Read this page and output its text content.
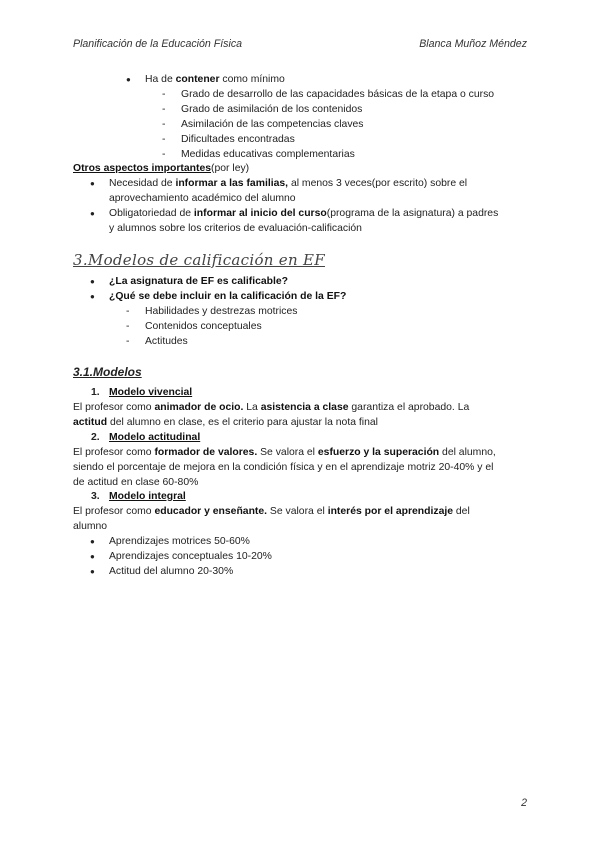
Planificación de la Educación Física	Blanca Muñoz Méndez
● Ha de contener como mínimo
- Grado de desarrollo de las capacidades básicas de la etapa o curso
- Grado de asimilación de los contenidos
- Asimilación de las competencias claves
- Dificultades encontradas
- Medidas educativas complementarias
Otros aspectos importantes(por ley)
● Necesidad de informar a las familias, al menos 3 veces(por escrito) sobre el
aprovechamiento académico del alumno
● Obligatoriedad de informar al inicio del curso(programa de la asignatura) a padres
y alumnos sobre los criterios de evaluación-calificación
3.Modelos de calificación en EF
● ¿La asignatura de EF es calificable?
● ¿Qué se debe incluir en la calificación de la EF?
- Habilidades y destrezas motrices
- Contenidos conceptuales
- Actitudes
3.1.Modelos
1. Modelo vivencial
El profesor como animador de ocio. La asistencia a clase garantiza el aprobado. La
actitud del alumno en clase, es el criterio para ajustar la nota final
2. Modelo actitudinal
El profesor como formador de valores. Se valora el esfuerzo y la superación del alumno,
siendo el porcentaje de mejora en la condición física y en el aprendizaje motriz 20-40% y el
de actitud en clase 60-80%
3. Modelo integral
El profesor como educador y enseñante. Se valora el interés por el aprendizaje del
alumno
● Aprendizajes motrices 50-60%
● Aprendizajes conceptuales 10-20%
● Actitud del alumno 20-30%
2
